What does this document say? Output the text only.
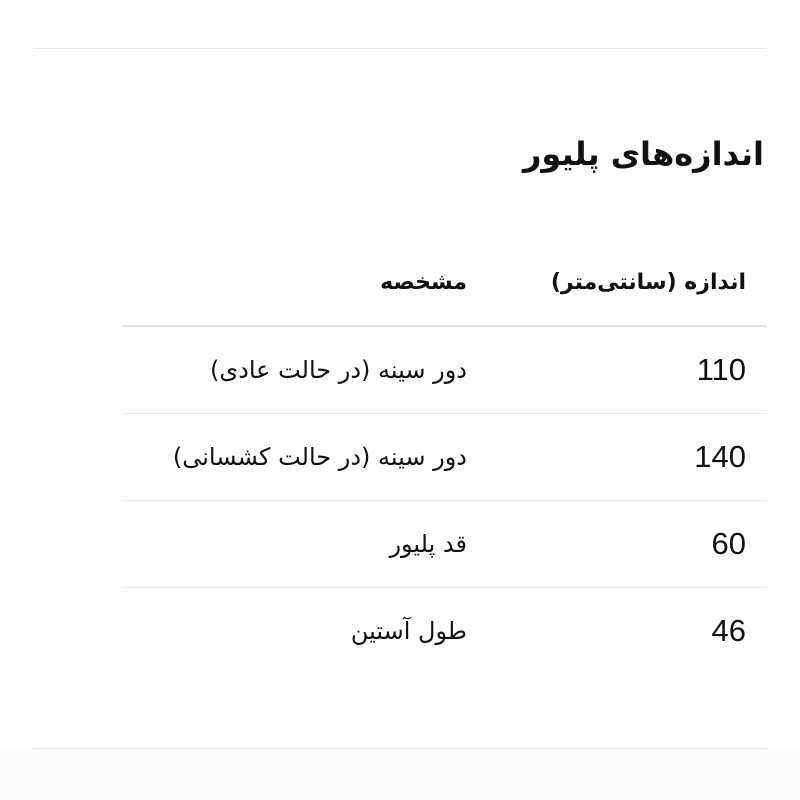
اندازه‌های پلیور
اندازه (سانتی‌متر)
مشخصه
110
دور سینه (در حالت عادی)
140
دور سینه (در حالت کشسانی)
60
قد پلیور
46
طول آستین
